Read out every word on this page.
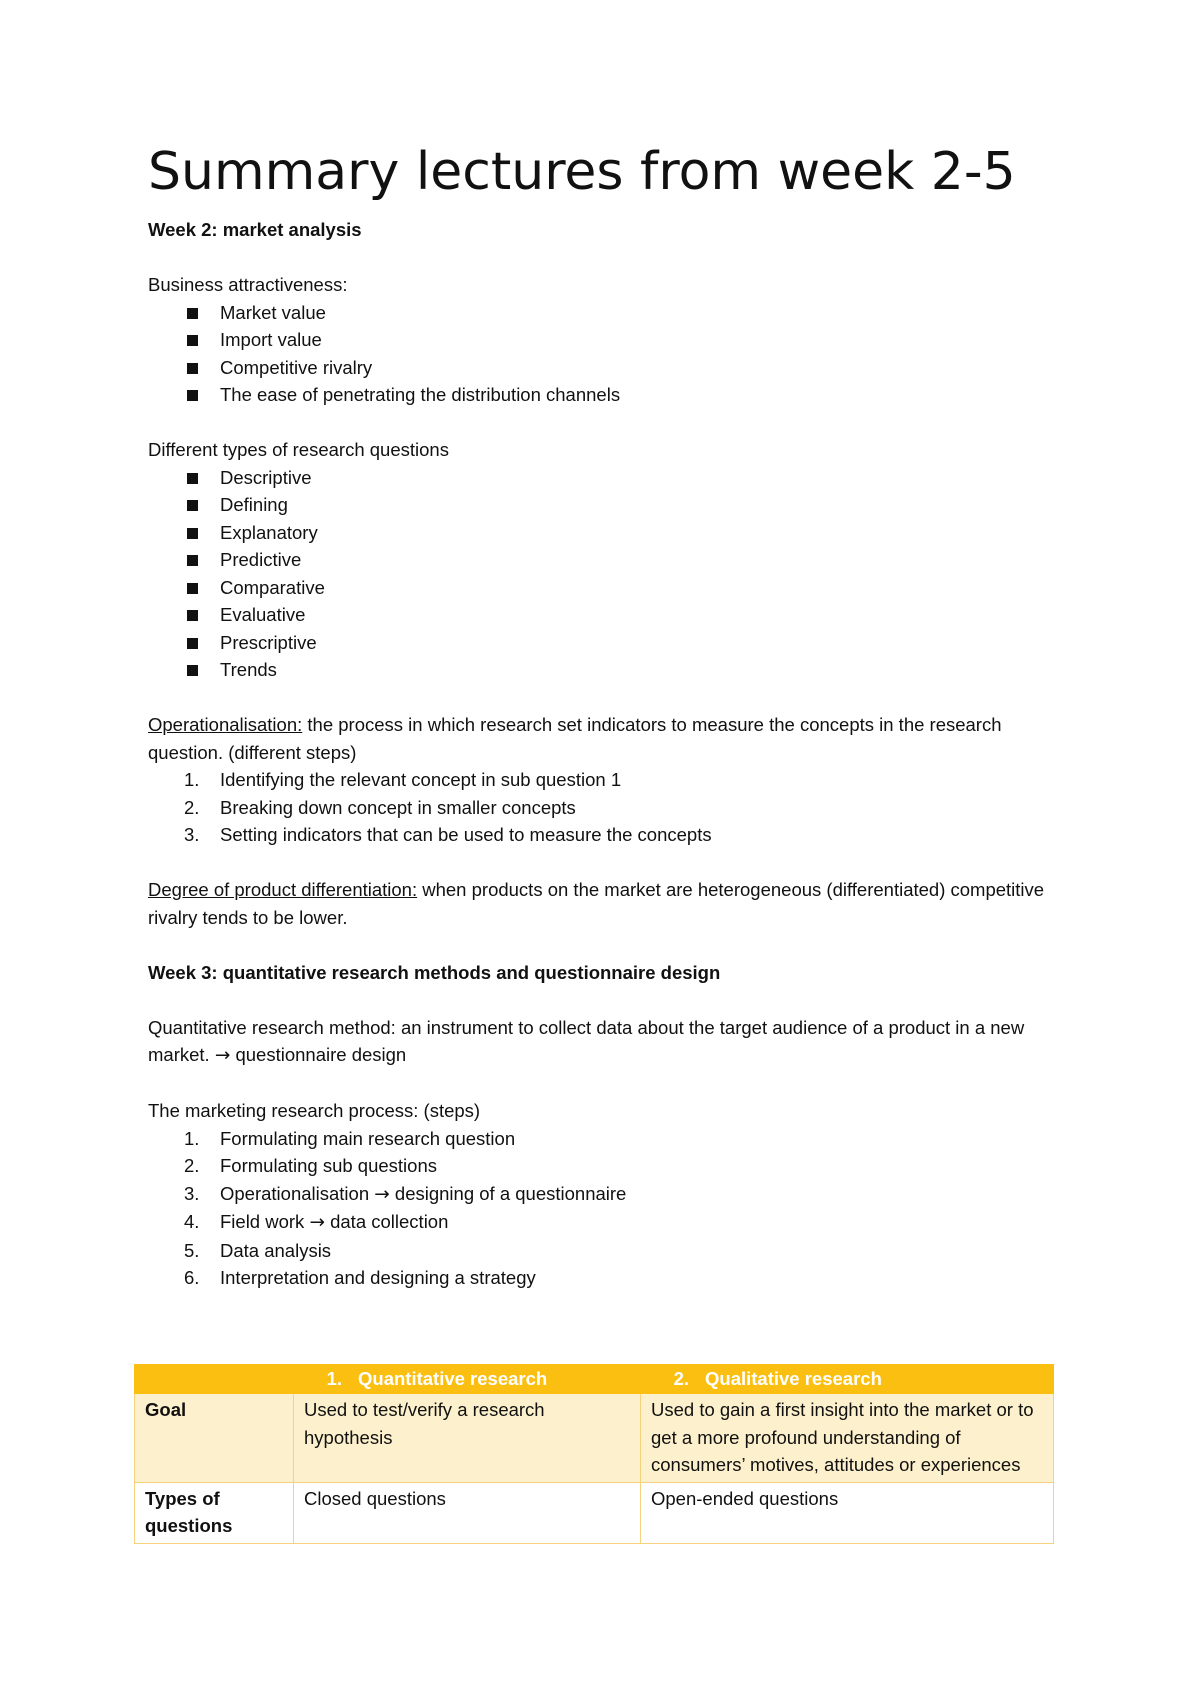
Summary lectures from week 2-5

Week 2: market analysis

Business attractiveness:

Market value
Import value
Competitive rivalry
The ease of penetrating the distribution channels

Different types of research questions

Descriptive
Defining
Explanatory
Predictive
Comparative
Evaluative
Prescriptive
Trends

Operationalisation: the process in which research set indicators to measure the concepts in the research question. (different steps)

1. Identifying the relevant concept in sub question 1
2. Breaking down concept in smaller concepts
3. Setting indicators that can be used to measure the concepts

Degree of product differentiation: when products on the market are heterogeneous (differentiated) competitive rivalry tends to be lower.

Week 3: quantitative research methods and questionnaire design

Quantitative research method: an instrument to collect data about the target audience of a product in a new market. → questionnaire design

The marketing research process: (steps)

1. Formulating main research question
2. Formulating sub questions
3. Operationalisation → designing of a questionnaire
4. Field work → data collection
5. Data analysis
6. Interpretation and designing a strategy
	1. Quantitative research	2. Qualitative research
Goal	Used to test/verify a research hypothesis	Used to gain a first insight into the market or to get a more profound understanding of consumers’ motives, attitudes or experiences
Types of questions	Closed questions	Open-ended questions
